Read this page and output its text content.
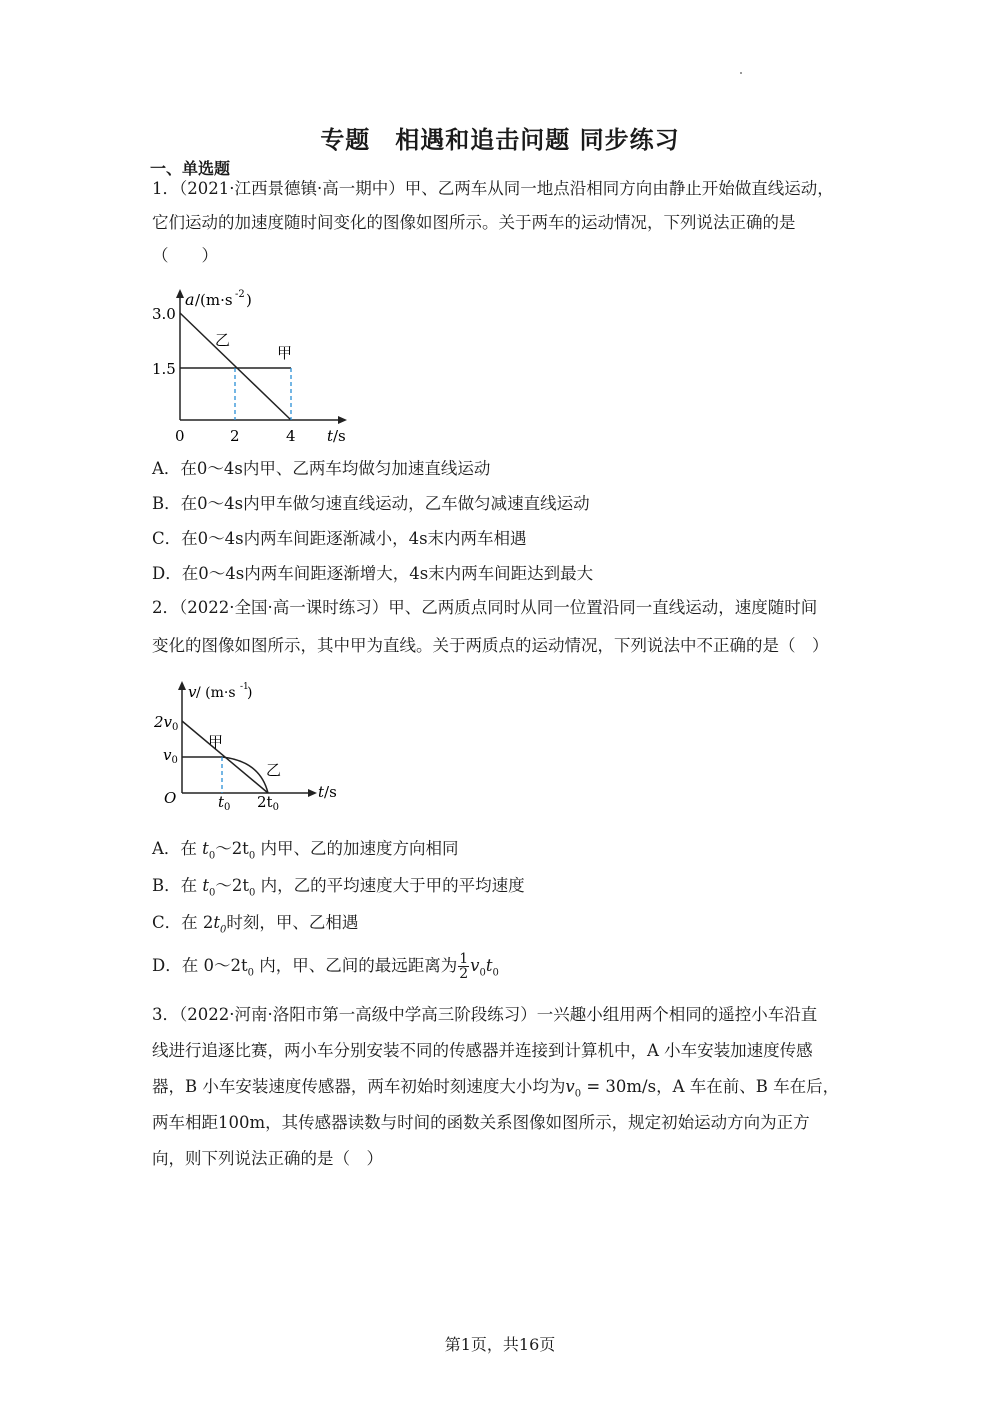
专题　相遇和追击问题 同步练习
一、单选题
1．（2021·江西景德镇·高一期中）甲、乙两车从同一地点沿相同方向由静止开始做直线运动，
它们运动的加速度随时间变化的图像如图所示。关于两车的运动情况，下列说法正确的是
（　　）
a /(m·s -2 )
3.0
1.5
0	2	4 t /s
乙
甲
A．在0～4s内甲、乙两车均做匀加速直线运动
B．在0～4s内甲车做匀速直线运动，乙车做匀减速直线运动
C．在0～4s内两车间距逐渐减小，4s末内两车相遇
D．在0～4s内两车间距逐渐增大，4s末内两车间距达到最大
2．（2022·全国·高一课时练习）甲、乙两质点同时从同一位置沿同一直线运动，速度随时间
变化的图像如图所示，其中甲为直线。关于两质点的运动情况，下列说法中不正确的是（　）
v / (m·s -1
)
$2v_0$
$v_0$
O	$t_0$ $2t_0$
t/s
甲
乙
A．在 $t_0\sim 2t_0$ 内甲、乙的加速度方向相同
B．在 $t_0\sim 2t_0$ 内，乙的平均速度大于甲的平均速度
C．在 $2t_0$时刻，甲、乙相遇
D．在 $0\sim 2t_0$ 内，甲、乙间的最远距离为 $\frac{1}{2} v_0t_0$
3．（2022·河南·洛阳市第一高级中学高三阶段练习）一兴趣小组用两个相同的遥控小车沿直
线进行追逐比赛，两小车分别安装不同的传感器并连接到计算机中，A 小车安装加速度传感
器，B 小车安装速度传感器，两车初始时刻速度大小均为$v_0 = 30m/s$，A 车在前、B 车在后，
两车相距100m，其传感器读数与时间的函数关系图像如图所示，规定初始运动方向为正方
向，则下列说法正确的是（　）
第1页，共16页
